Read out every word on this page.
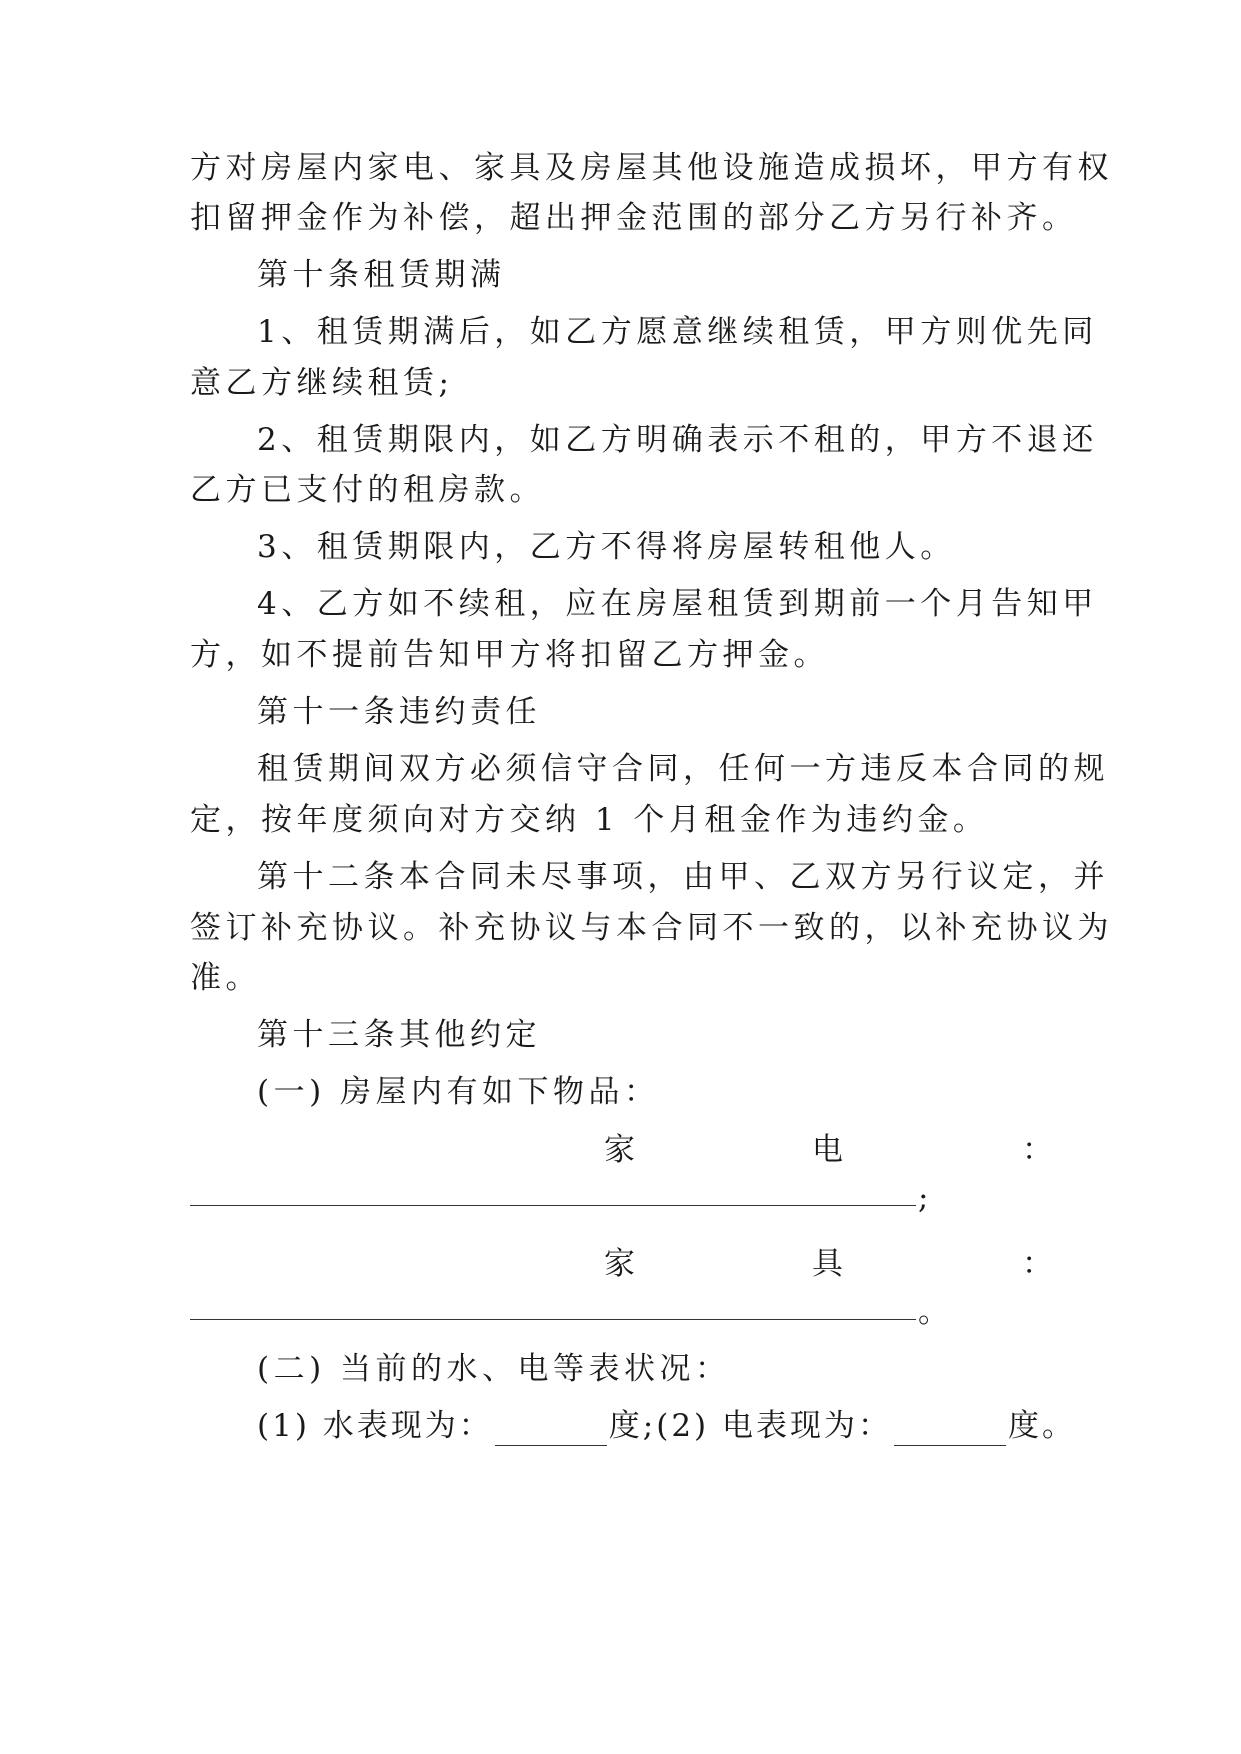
方对房屋内家电、家具及房屋其他设施造成损坏，甲方有权
扣留押金作为补偿，超出押金范围的部分乙方另行补齐。
第十条租赁期满
1、租赁期满后，如乙方愿意继续租赁，甲方则优先同
意乙方继续租赁;
2、租赁期限内，如乙方明确表示不租的，甲方不退还
乙方已支付的租房款。
3、租赁期限内，乙方不得将房屋转租他人。
4、乙方如不续租，应在房屋租赁到期前一个月告知甲
方，如不提前告知甲方将扣留乙方押金。
第十一条违约责任
租赁期间双方必须信守合同，任何一方违反本合同的规
定，按年度须向对方交纳 1 个月租金作为违约金。
第十二条本合同未尽事项，由甲、乙双方另行议定，并
签订补充协议。补充协议与本合同不一致的，以补充协议为
准。
第十三条其他约定
(一) 房屋内有如下物品：
家	电	：
;
家	具	：
。
(二) 当前的水、电等表状况：
(1) 水表现为：	度;(2) 电表现为：	度。
